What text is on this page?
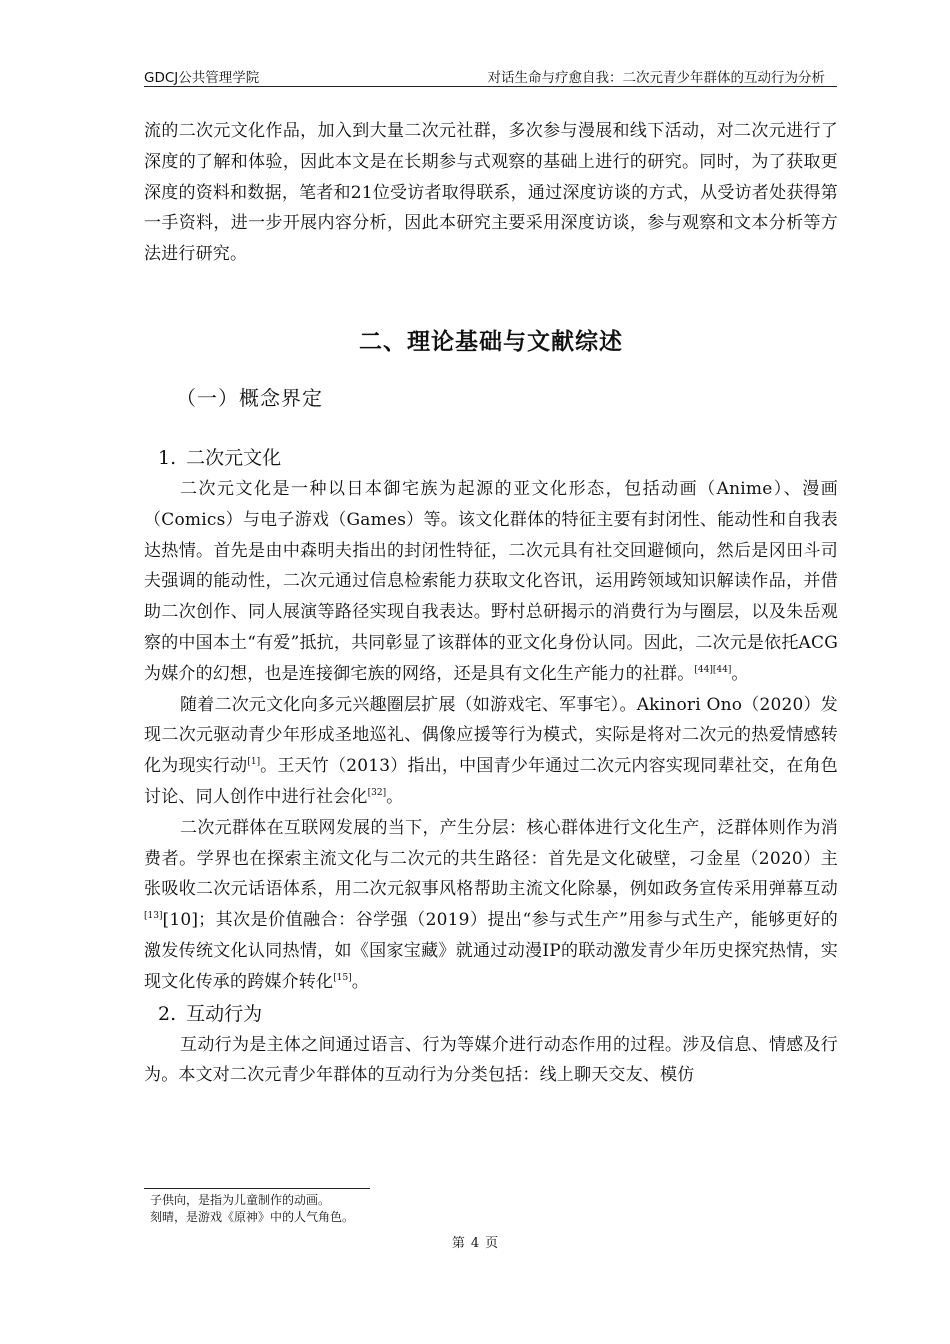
GDCJ公共管理学院	对话生命与疗愈自我：二次元青少年群体的互动行为分析

流的二次元文化作品，加入到大量二次元社群，多次参与漫展和线下活动，对二次元进行了深度的了解和体验，因此本文是在长期参与式观察的基础上进行的研究。同时，为了获取更深度的资料和数据，笔者和21位受访者取得联系，通过深度访谈的方式，从受访者处获得第一手资料，进一步开展内容分析，因此本研究主要采用深度访谈，参与观察和文本分析等方法进行研究。

二、理论基础与文献综述
（一）概念界定
1. 二次元文化

二次元文化是一种以日本御宅族为起源的亚文化形态，包括动画（Anime）、漫画（Comics）与电子游戏（Games）等。该文化群体的特征主要有封闭性、能动性和自我表达热情。首先是由中森明夫指出的封闭性特征，二次元具有社交回避倾向，然后是冈田斗司夫强调的能动性，二次元通过信息检索能力获取文化咨讯，运用跨领域知识解读作品，并借助二次创作、同人展演等路径实现自我表达。野村总研揭示的消费行为与圈层，以及朱岳观察的中国本土“有爱”抵抗，共同彰显了该群体的亚文化身份认同。因此，二次元是依托ACG为媒介的幻想，也是连接御宅族的网络，还是具有文化生产能力的社群。[44][44]。

随着二次元文化向多元兴趣圈层扩展（如游戏宅、军事宅）。Akinori Ono（2020）发现二次元驱动青少年形成圣地巡礼、偶像应援等行为模式，实际是将对二次元的热爱情感转化为现实行动[1]。王天竹（2013）指出，中国青少年通过二次元内容实现同辈社交，在角色讨论、同人创作中进行社会化[32]。

二次元群体在互联网发展的当下，产生分层：核心群体进行文化生产，泛群体则作为消费者。学界也在探索主流文化与二次元的共生路径：首先是文化破壁，刁金星（2020）主张吸收二次元话语体系，用二次元叙事风格帮助主流文化除暴，例如政务宣传采用弹幕互动[13][10]；其次是价值融合：谷学强（2019）提出“参与式生产”用参与式生产，能够更好的激发传统文化认同热情，如《国家宝藏》就通过动漫IP的联动激发青少年历史探究热情，实现文化传承的跨媒介转化[15]。

2. 互动行为

互动行为是主体之间通过语言、行为等媒介进行动态作用的过程。涉及信息、情感及行为。本文对二次元青少年群体的互动行为分类包括：线上聊天交友、模仿

子供向，是指为儿童制作的动画。
刻晴，是游戏《原神》中的人气角色。
第 4 页
